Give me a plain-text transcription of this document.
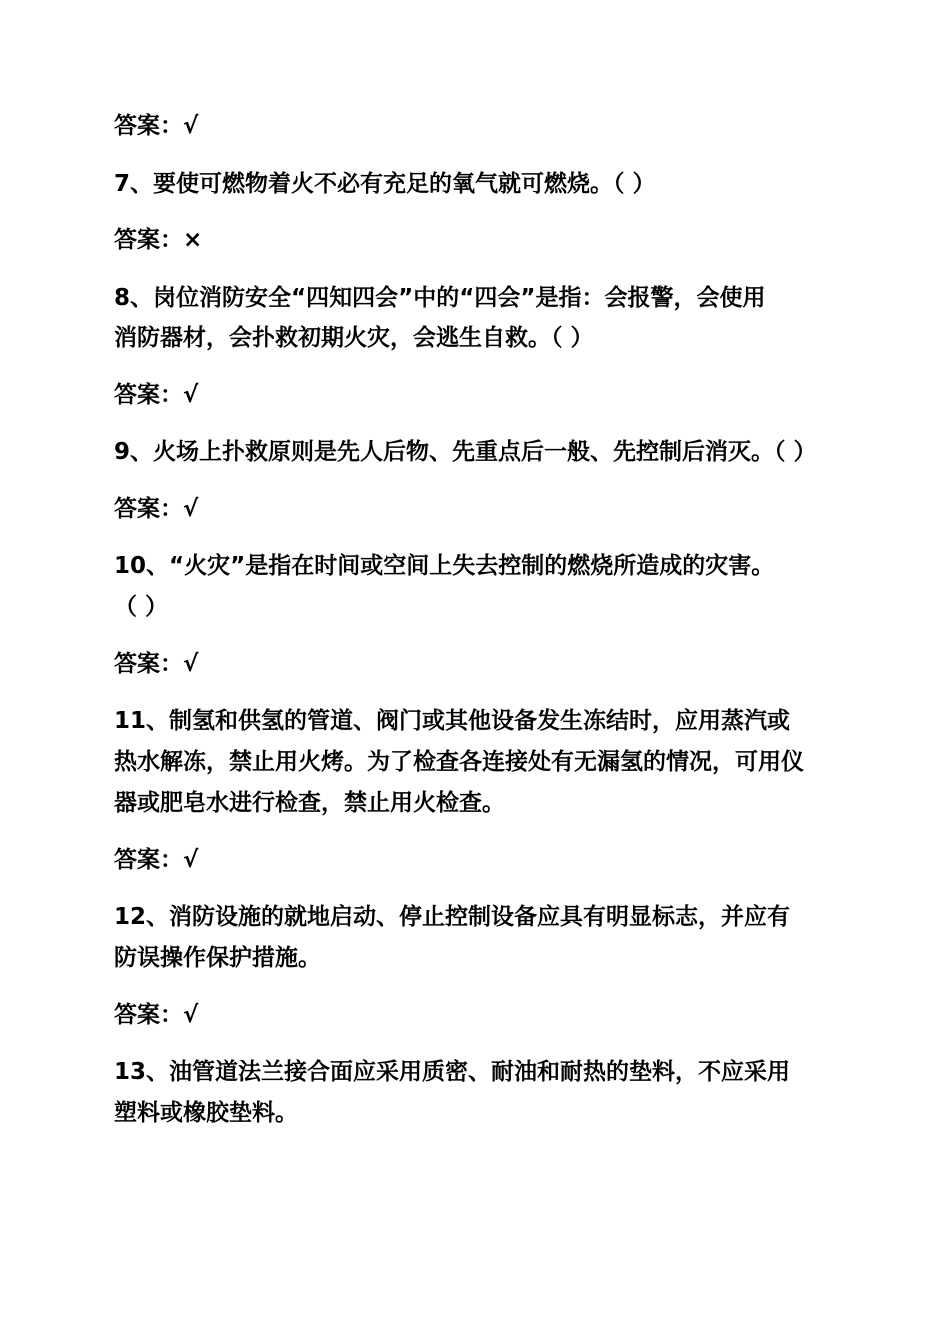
答案：√
7、要使可燃物着火不必有充足的氧气就可燃烧。（ ）
答案：×
8、岗位消防安全“四知四会”中的“四会”是指：会报警，会使用
消防器材，会扑救初期火灾，会逃生自救。（ ）
答案：√
9、火场上扑救原则是先人后物、先重点后一般、先控制后消灭。（ ）
答案：√
10、“火灾”是指在时间或空间上失去控制的燃烧所造成的灾害。
（ ）
答案：√
11、制氢和供氢的管道、阀门或其他设备发生冻结时，应用蒸汽或
热水解冻，禁止用火烤。为了检查各连接处有无漏氢的情况，可用仪
器或肥皂水进行检查，禁止用火检查。
答案：√
12、消防设施的就地启动、停止控制设备应具有明显标志，并应有
防误操作保护措施。
答案：√
13、油管道法兰接合面应采用质密、耐油和耐热的垫料，不应采用
塑料或橡胶垫料。
